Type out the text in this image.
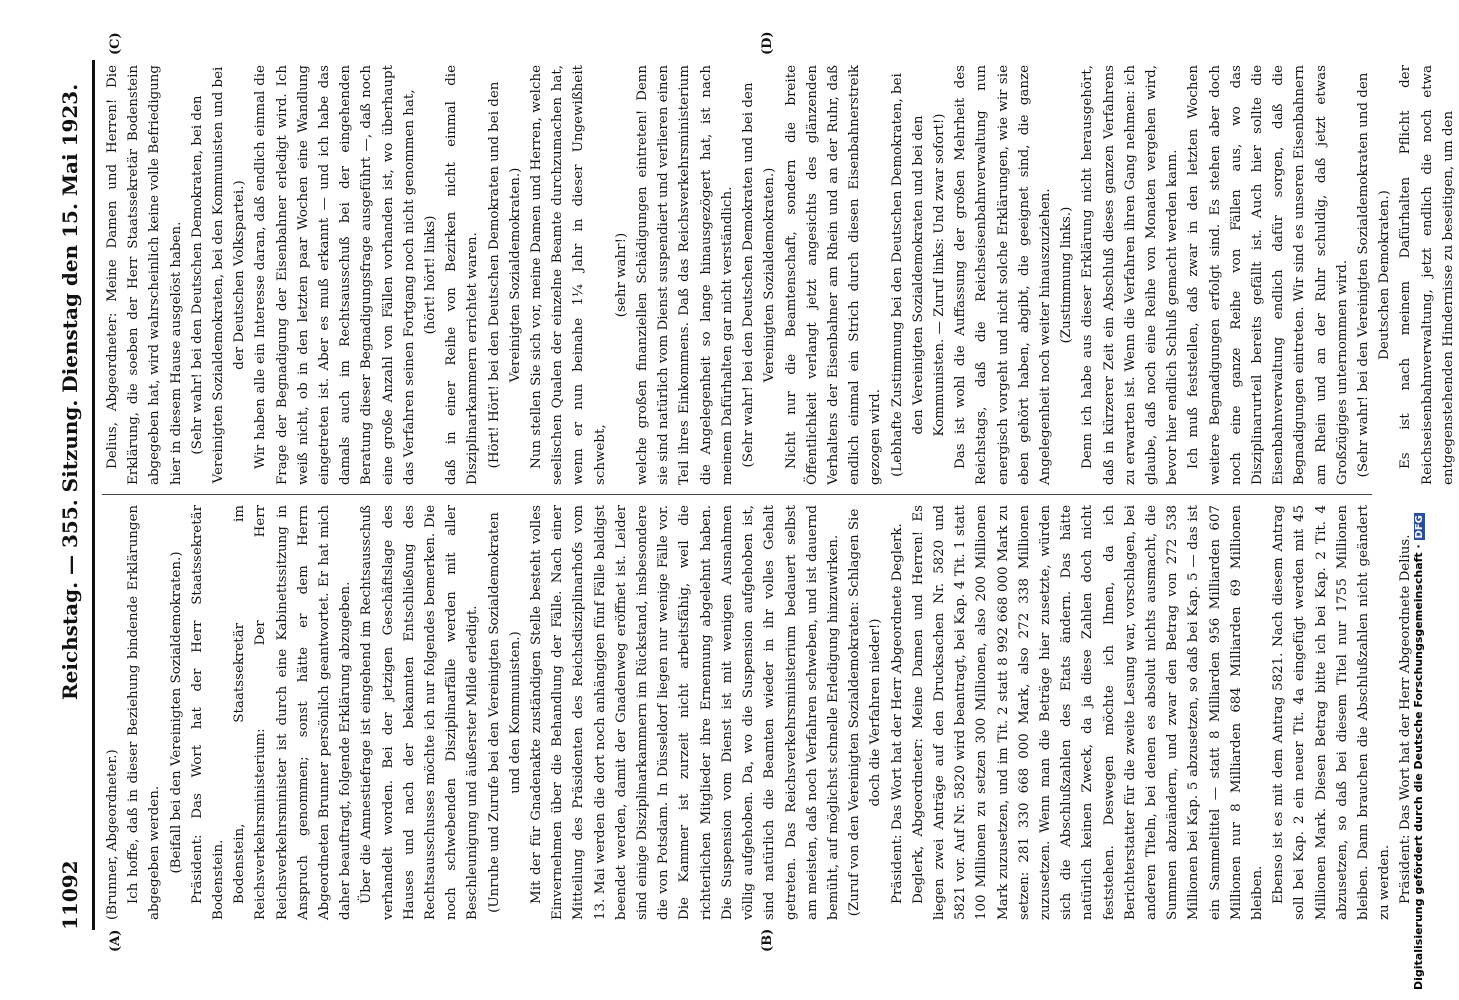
11092
Reichstag. — 355. Sitzung. Dienstag den 15. Mai 1923.
(A)	(B)
(C)	(D)

(Brunner, Abgeordneter.) Ich hoffe, daß in dieser Beziehung bindende Erklärungen abgegeben werden. (Beifall bei den Vereinigten Sozialdemokraten.) Präsident: Das Wort hat der Herr Staatssekretär Bodenstein. Bodenstein, Staatssekretär im Reichsverkehrsministerium: Der Herr Reichsverkehrsminister ist durch eine Kabinettssitzung in Anspruch genommen; sonst hätte er dem Herrn Abgeordneten Brunner persönlich geantwortet. Er hat mich daher beauftragt, folgende Erklärung abzugeben. Über die Amnestiefrage ist eingehend im Rechtsausschuß verhandelt worden. Bei der jetzigen Geschäftslage des Hauses und nach der bekannten Entschließung des Rechtsausschusses möchte ich nur folgendes bemerken. Die noch schwebenden Disziplinarfälle werden mit aller Beschleunigung und äußerster Milde erledigt. (Unruhe und Zurufe bei den Vereinigten Sozialdemokraten und den Kommunisten.) Mit der für Gnadenakte zuständigen Stelle besteht volles Einvernehmen über die Behandlung der Fälle. Nach einer Mitteilung des Präsidenten des Reichsdisziplinarhofs vom 13. Mai werden die dort noch anhängigen fünf Fälle baldigst beendet werden, damit der Gnadenweg eröffnet ist. Leider sind einige Disziplinarkammern im Rückstand, insbesondere die von Potsdam. In Düsseldorf liegen nur wenige Fälle vor. Die Kammer ist zurzeit nicht arbeitsfähig, weil die richterlichen Mitglieder ihre Ernennung abgelehnt haben. Die Suspension vom Dienst ist mit wenigen Ausnahmen völlig aufgehoben. Da, wo die Suspension aufgehoben ist, sind natürlich die Beamten wieder in ihr volles Gehalt getreten. Das Reichsverkehrsministerium bedauert selbst am meisten, daß noch Verfahren schweben, und ist dauernd bemüht, auf möglichst schnelle Erledigung hinzuwirken. (Zuruf von den Vereinigten Sozialdemokraten: Schlagen Sie doch die Verfahren nieder!) Präsident: Das Wort hat der Herr Abgeordnete Deglerk. Deglerk, Abgeordneter: Meine Damen und Herren! Es liegen zwei Anträge auf den Drucksachen Nr. 5820 und 5821 vor. Auf Nr. 5820 wird beantragt, bei Kap. 4 Tit. 1 statt 100 Millionen zu setzen 300 Millionen, also 200 Millionen Mark zuzusetzen, und im Tit. 2 statt 8 992 668 000 Mark zu setzen: 281 330 668 000 Mark, also 272 338 Millionen zuzusetzen. Wenn man die Beträge hier zusetzte, würden sich die Abschlußzahlen des Etats ändern. Das hätte natürlich keinen Zweck, da ja diese Zahlen doch nicht feststehen. Deswegen möchte ich Ihnen, da ich Berichterstatter für die zweite Lesung war, vorschlagen, bei anderen Titeln, bei denen es absolut nichts ausmacht, die Summen abzuändern, und zwar den Betrag von 272 538 Millionen bei Kap. 5 abzusetzen, so daß bei Kap. 5 — das ist ein Sammeltitel — statt 8 Milliarden 956 Milliarden 607 Millionen nur 8 Milliarden 684 Milliarden 69 Millionen bleiben. Ebenso ist es mit dem Antrag 5821. Nach diesem Antrag soll bei Kap. 2 ein neuer Tit. 4a eingefügt werden mit 45 Millionen Mark. Diesen Betrag bitte ich bei Kap. 2 Tit. 4 abzusetzen, so daß bei diesem Titel nur 1755 Millionen bleiben. Dann brauchen die Abschlußzahlen nicht geändert zu werden. Präsident: Das Wort hat der Herr Abgeordnete Delius.

Delius, Abgeordneter: Meine Damen und Herren! Die Erklärung, die soeben der Herr Staatssekretär Bodenstein abgegeben hat, wird wahrscheinlich keine volle Befriedigung hier in diesem Hause ausgelöst haben. (Sehr wahr! bei den Deutschen Demokraten, bei den Vereinigten Sozialdemokraten, bei den Kommunisten und bei der Deutschen Volkspartei.) Wir haben alle ein Interesse daran, daß endlich einmal die Frage der Begnadigung der Eisenbahner erledigt wird. Ich weiß nicht, ob in den letzten paar Wochen eine Wandlung eingetreten ist. Aber es muß erkannt — und ich habe das damals auch im Rechtsausschuß bei der eingehenden Beratung dieser Begnadigungsfrage ausgeführt —, daß noch eine große Anzahl von Fällen vorhanden ist, wo überhaupt das Verfahren seinen Fortgang noch nicht genommen hat, (hört! hört! links) daß in einer Reihe von Bezirken nicht einmal die Disziplinarkammern errichtet waren. (Hört! Hört! bei den Deutschen Demokraten und bei den Vereinigten Sozialdemokraten.) Nun stellen Sie sich vor, meine Damen und Herren, welche seelischen Qualen der einzelne Beamte durchzumachen hat, wenn er nun beinahe 1¼ Jahr in dieser Ungewißheit schwebt,

(sehr wahr!) welche großen finanziellen Schädigungen eintreten! Denn sie sind natürlich vom Dienst suspendiert und verlieren einen Teil ihres Einkommens. Daß das Reichsverkehrsministerium die Angelegenheit so lange hinausgezögert hat, ist nach meinem Dafürhalten gar nicht verständlich. (Sehr wahr! bei den Deutschen Demokraten und bei den Vereinigten Sozialdemokraten.) Nicht nur die Beamtenschaft, sondern die breite Öffentlichkeit verlangt jetzt angesichts des glänzenden Verhaltens der Eisenbahner am Rhein und an der Ruhr, daß endlich einmal ein Strich durch diesen Eisenbahnerstreik gezogen wird. (Lebhafte Zustimmung bei den Deutschen Demokraten, bei den Vereinigten Sozialdemokraten und bei den Kommunisten. — Zuruf links: Und zwar sofort!) Das ist wohl die Auffassung der großen Mehrheit des Reichstags, daß die Reichseisenbahnverwaltung nun energisch vorgeht und nicht solche Erklärungen, wie wir sie eben gehört haben, abgibt, die geeignet sind, die ganze Angelegenheit noch weiter hinauszuziehen. (Zustimmung links.) Denn ich habe aus dieser Erklärung nicht herausgehört, daß in kürzerer Zeit ein Abschluß dieses ganzen Verfahrens zu erwarten ist. Wenn die Verfahren ihren Gang nehmen: ich glaube, daß noch eine Reihe von Monaten vergehen wird, bevor hier endlich Schluß gemacht werden kann. Ich muß feststellen, daß zwar in den letzten Wochen weitere Begnadigungen erfolgt sind. Es stehen aber doch noch eine ganze Reihe von Fällen aus, wo das Disziplinarurteil bereits gefällt ist. Auch hier sollte die Eisenbahnverwaltung endlich dafür sorgen, daß die Begnadigungen eintreten. Wir sind es unseren Eisenbahnern am Rhein und an der Ruhr schuldig, daß jetzt etwas Großzügiges unternommen wird. (Sehr wahr! bei den Vereinigten Sozialdemokraten und den Deutschen Demokraten.) Es ist nach meinem Dafürhalten Pflicht der Reichseisenbahnverwaltung, jetzt endlich die noch etwa entgegenstehenden Hindernisse zu beseitigen, um den

Digitalisierung gefördert durch die Deutsche Forschungsgemeinschaft · DFG
